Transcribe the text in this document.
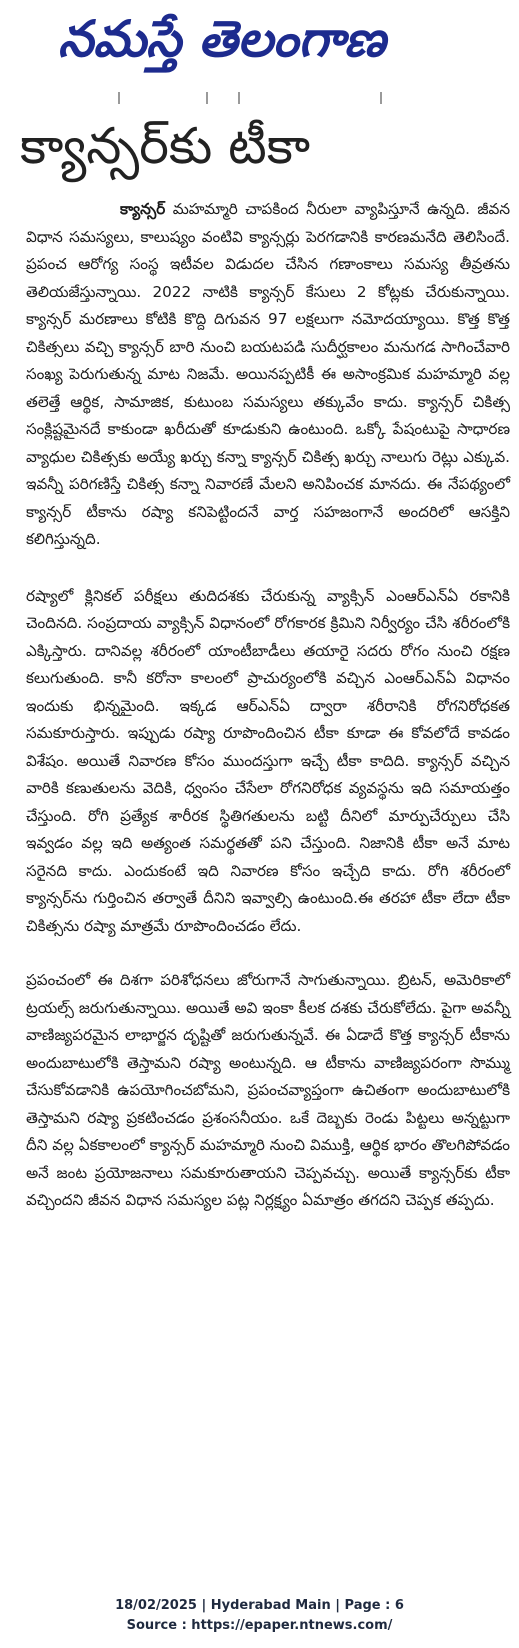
నమస్తే తెలంగాణ
క్యాన్సర్‌కు టీకా

క్యాన్సర్ మహమ్మారి చాపకింద నీరులా వ్యాపిస్తూనే ఉన్నది. జీవన విధాన సమస్యలు, కాలుష్యం వంటివి క్యాన్సర్లు పెరగడానికి కారణమనేది తెలిసిందే. ప్రపంచ ఆరోగ్య సంస్థ ఇటీవల విడుదల చేసిన గణాంకాలు సమస్య తీవ్రతను తెలియజేస్తున్నాయి. 2022 నాటికి క్యాన్సర్ కేసులు 2 కోట్లకు చేరుకున్నాయి. క్యాన్సర్ మరణాలు కోటికి కొద్ది దిగువన 97 లక్షలుగా నమోదయ్యాయి. కొత్త కొత్త చికిత్సలు వచ్చి క్యాన్సర్ బారి నుంచి బయటపడి సుదీర్ఘకాలం మనుగడ సాగించేవారి సంఖ్య పెరుగుతున్న మాట నిజమే. అయినప్పటికీ ఈ అసాంక్రమిక మహమ్మారి వల్ల తలెత్తే ఆర్థిక, సామాజిక, కుటుంబ సమస్యలు తక్కువేం కాదు. క్యాన్సర్ చికిత్స సంక్లిష్టమైనదే కాకుండా ఖరీదుతో కూడుకుని ఉంటుంది. ఒక్కో పేషంటుపై సాధారణ వ్యాధుల చికిత్సకు అయ్యే ఖర్చు కన్నా క్యాన్సర్ చికిత్స ఖర్చు నాలుగు రెట్లు ఎక్కువ. ఇవన్నీ పరిగణిస్తే చికిత్స కన్నా నివారణే మేలని అనిపించక మానదు. ఈ నేపథ్యంలో క్యాన్సర్ టీకాను రష్యా కనిపెట్టిందనే వార్త సహజంగానే అందరిలో ఆసక్తిని కలిగిస్తున్నది.

రష్యాలో క్లినికల్ పరీక్షలు తుదిదశకు చేరుకున్న వ్యాక్సిన్ ఎంఆర్ఎన్ఏ రకానికి చెందినది. సంప్రదాయ వ్యాక్సిన్ విధానంలో రోగకారక క్రిమిని నిర్వీర్యం చేసి శరీరంలోకి ఎక్కిస్తారు. దానివల్ల శరీరంలో యాంటీబాడీలు తయారై సదరు రోగం నుంచి రక్షణ కలుగుతుంది. కానీ కరోనా కాలంలో ప్రాచుర్యంలోకి వచ్చిన ఎంఆర్ఎన్ఏ విధానం ఇందుకు భిన్నమైంది. ఇక్కడ ఆర్ఎన్ఏ ద్వారా శరీరానికి రోగనిరోధకత సమకూరుస్తారు. ఇప్పుడు రష్యా రూపొందించిన టీకా కూడా ఈ కోవలోదే కావడం విశేషం. అయితే నివారణ కోసం ముందస్తుగా ఇచ్చే టీకా కాదిది. క్యాన్సర్ వచ్చిన వారికి కణుతులను వెదికి, ధ్వంసం చేసేలా రోగనిరోధక వ్యవస్థను ఇది సమాయత్తం చేస్తుంది. రోగి ప్రత్యేక శారీరక స్థితిగతులను బట్టి దీనిలో మార్పుచేర్పులు చేసి ఇవ్వడం వల్ల ఇది అత్యంత సమర్థతతో పని చేస్తుంది. నిజానికి టీకా అనే మాట సరైనది కాదు. ఎందుకంటే ఇది నివారణ కోసం ఇచ్చేది కాదు. రోగి శరీరంలో క్యాన్సర్‌ను గుర్తించిన తర్వాతే దీనిని ఇవ్వాల్సి ఉంటుంది.ఈ తరహా టీకా లేదా టీకా చికిత్సను రష్యా మాత్రమే రూపొందించడం లేదు.

ప్రపంచంలో ఈ దిశగా పరిశోధనలు జోరుగానే సాగుతున్నాయి. బ్రిటన్, అమెరికాలో ట్రయల్స్ జరుగుతున్నాయి. అయితే అవి ఇంకా కీలక దశకు చేరుకోలేదు. పైగా అవన్నీ వాణిజ్యపరమైన లాభార్జన దృష్టితో జరుగుతున్నవే. ఈ ఏడాదే కొత్త క్యాన్సర్ టీకాను అందుబాటులోకి తెస్తామని రష్యా అంటున్నది. ఆ టీకాను వాణిజ్యపరంగా సొమ్ము చేసుకోవడానికి ఉపయోగించబోమని, ప్రపంచవ్యాప్తంగా ఉచితంగా అందుబాటులోకి తెస్తామని రష్యా ప్రకటించడం ప్రశంసనీయం. ఒకే దెబ్బకు రెండు పిట్టలు అన్నట్టుగా దీని వల్ల ఏకకాలంలో క్యాన్సర్ మహమ్మారి నుంచి విముక్తి, ఆర్థిక భారం తొలగిపోవడం అనే జంట ప్రయోజనాలు సమకూరుతాయని చెప్పవచ్చు. అయితే క్యాన్సర్‌కు టీకా వచ్చిందని జీవన విధాన సమస్యల పట్ల నిర్లక్ష్యం ఏమాత్రం తగదని చెప్పక తప్పదు.

18/02/2025 | Hyderabad Main | Page : 6
Source : https://epaper.ntnews.com/
